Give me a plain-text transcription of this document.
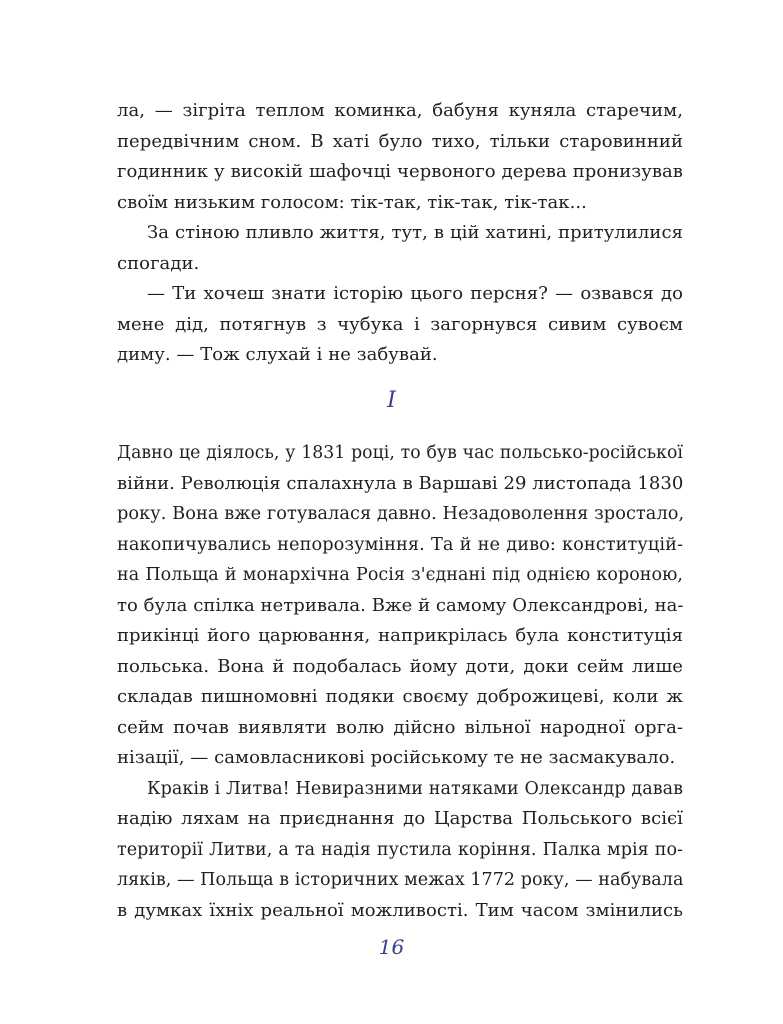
ла, — зігріта теплом коминка, бабуня куняла старечим,
передвічним сном. В хаті було тихо, тільки старовинний
годинник у високій шафочці червоного дерева пронизував
своїм низьким голосом: тік-так, тік-так, тік-так...
За стіною пливло життя, тут, в цій хатині, притулилися
спогади.
— Ти хочеш знати історію цього персня? — озвався до
мене дід, потягнув з чубука і загорнувся сивим сувоєм
диму. — Тож слухай і не забувай.
I
Давно це діялось, у 1831 році, то був час польсько-російської
війни. Революція спалахнула в Варшаві 29 листопада 1830
року. Вона вже готувалася давно. Незадоволення зростало,
накопичувались непорозуміння. Та й не диво: конституцій-
на Польща й монархічна Росія з'єднані під однією короною,
то була спілка нетривала. Вже й самому Олександрові, на-
прикінці його царювання, наприкрілась була конституція
польська. Вона й подобалась йому доти, доки сейм лише
складав пишномовні подяки своєму доброжицеві, коли ж
сейм почав виявляти волю дійсно вільної народної орга-
нізації, — самовласникові російському те не засмакувало.
Краків і Литва! Невиразними натяками Олександр давав
надію ляхам на приєднання до Царства Польського всієї
території Литви, а та надія пустила коріння. Палка мрія по-
ляків, — Польща в історичних межах 1772 року, — набувала
в думках їхніх реальної можливості. Тим часом змінились
16
